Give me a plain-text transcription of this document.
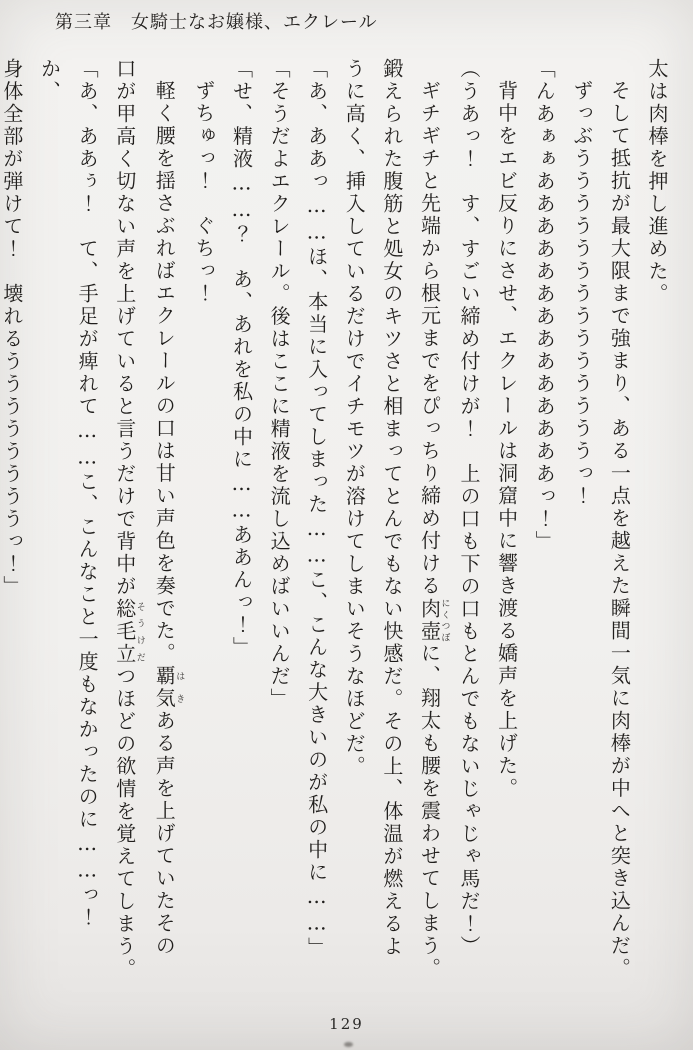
第三章　女騎士なお嬢様、エクレール
太は肉棒を押し進めた。
そして抵抗が最大限まで強まり、ある一点を越えた瞬間一気に肉棒が中へと突き込んだ。
ずっぶううううううううううううううっ！
「んあぁぁああああああああああああああっ！」
背中をエビ反りにさせ、エクレールは洞窟中に響き渡る嬌声を上げた。
（うあっ！　す、すごい締め付けが！　上の口も下の口もとんでもないじゃじゃ馬だ！）
ギチギチと先端から根元までをぴっちり締め付ける肉壺にくつぼに、翔太も腰を震わせてしまう。
鍛えられた腹筋と処女のキツさと相まってとんでもない快感だ。その上、体温が燃えるよ
うに高く、挿入しているだけでイチモツが溶けてしまいそうなほどだ。
「あ、ああっ……ほ、本当に入ってしまった……こ、こんな大きいのが私の中に……」
「そうだよエクレール。後はここに精液を流し込めばいいんだ」
「せ、精液……？　あ、あれを私の中に……ああんっ！」
ずちゅっ！　ぐちっ！
軽く腰を揺さぶればエクレールの口は甘い声色を奏でた。覇気はきある声を上げていたその
口が甲高く切ない声を上げていると言うだけで背中が総毛立そうけだつほどの欲情を覚えてしまう。
「あ、ああぅ！　て、手足が痺れて……こ、こんなこと一度もなかったのに……っ！　か、
身体全部が弾けて！　壊れるううううううううっ！」
129
